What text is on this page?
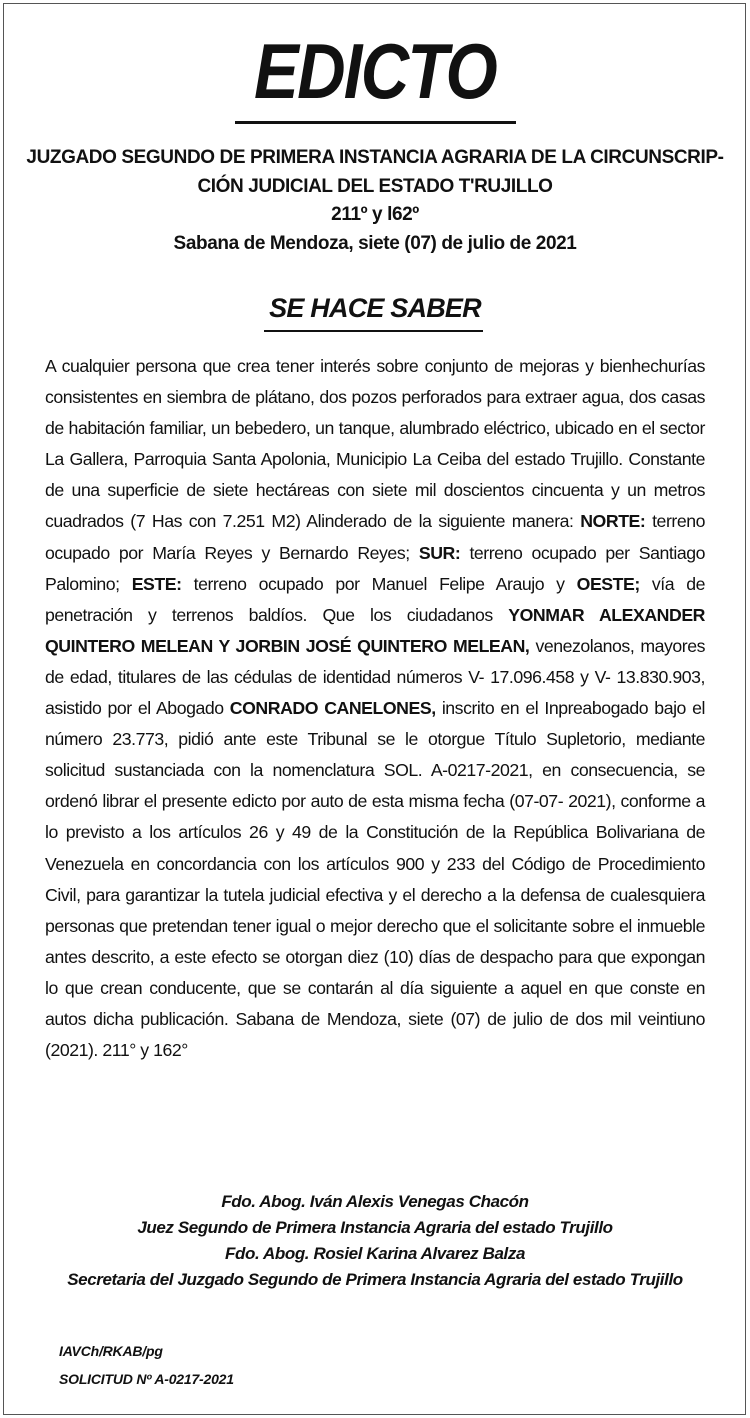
EDICTO
JUZGADO SEGUNDO DE PRIMERA INSTANCIA AGRARIA DE LA CIRCUNSCRIP-
CIÓN JUDICIAL DEL ESTADO T'RUJILLO
211º y l62º
Sabana de Mendoza, siete (07) de julio de 2021
SE HACE SABER
A cualquier persona que crea tener interés sobre conjunto de mejoras y bienhechurías consistentes en siembra de plátano, dos pozos perforados para extraer agua, dos casas de habitación familiar, un bebedero, un tanque, alumbrado eléctrico, ubicado en el sector La Gallera, Parroquia Santa Apolonia, Municipio La Ceiba del estado Trujillo. Constante de una superficie de siete hectáreas con siete mil doscientos cincuenta y un metros cuadrados (7 Has con 7.251 M2) Alinderado de la siguiente manera: NORTE: terreno ocupado por María Reyes y Bernardo Reyes; SUR: terreno ocupado per Santiago Palomino; ESTE: terreno ocupado por Manuel Felipe Araujo y OESTE; vía de penetración y terrenos baldíos. Que los ciudadanos YONMAR ALEXANDER QUINTERO MELEAN Y JORBIN JOSÉ QUINTERO MELEAN, venezolanos, mayores de edad, titulares de las cédulas de identidad números V- 17.096.458 y V- 13.830.903, asistido por el Abogado CONRADO CANELONES, inscrito en el Inpreabogado bajo el número 23.773, pidió ante este Tribunal se le otorgue Título Supletorio, mediante solicitud sustanciada con la nomenclatura SOL. A-0217-2021, en consecuencia, se ordenó librar el presente edicto por auto de esta misma fecha (07-07- 2021), conforme a lo previsto a los artículos 26 y 49 de la Constitución de la República Bolivariana de Venezuela en concordancia con los artículos 900 y 233 del Código de Procedimiento Civil, para garantizar la tutela judicial efectiva y el derecho a la defensa de cualesquiera personas que pretendan tener igual o mejor derecho que el solicitante sobre el inmueble antes descrito, a este efecto se otorgan diez (10) días de despacho para que expongan lo que crean conducente, que se contarán al día siguiente a aquel en que conste en autos dicha publicación. Sabana de Mendoza, siete (07) de julio de dos mil veintiuno (2021). 211° y 162°
Fdo. Abog. Iván Alexis Venegas Chacón
Juez Segundo de Primera Instancia Agraria del estado Trujillo
Fdo. Abog. Rosiel Karina Alvarez Balza
Secretaria del Juzgado Segundo de Primera Instancia Agraria del estado Trujillo
IAVCh/RKAB/pg
SOLICITUD Nº A-0217-2021
